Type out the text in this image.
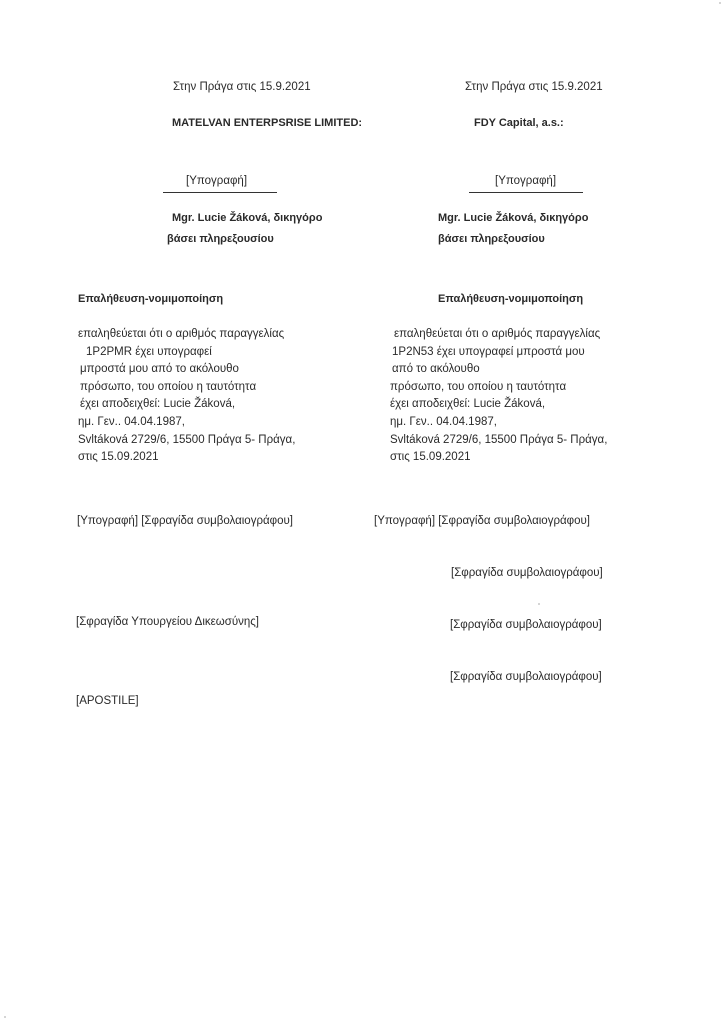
Στην Πράγα στις 15.9.2021
MATELVAN ENTERPSRISE LIMITED:
[Υπογραφή]
Mgr. Lucie Žáková, δικηγόρο
βάσει πληρεξουσίου
Επαλήθευση-νομιμοποίηση
επαληθεύεται ότι ο αριθμός παραγγελίας
1P2PMR έχει υπογραφεί
μπροστά μου από το ακόλουθο
πρόσωπο, του οποίου η ταυτότητα
έχει αποδειχθεί: Lucie Žáková,
ημ. Γεν.. 04.04.1987,
Svltáková 2729/6, 15500 Πράγα 5- Πράγα,
στις 15.09.2021
[Υπογραφή] [Σφραγίδα συμβολαιογράφου]
[Σφραγίδα Υπουργείου Δικεωσύνης]
[APOSTILE]
Στην Πράγα στις 15.9.2021
FDY Capital, a.s.:
[Υπογραφή]
Mgr. Lucie Žáková, δικηγόρο
βάσει πληρεξουσίου
Επαλήθευση-νομιμοποίηση
επαληθεύεται ότι ο αριθμός παραγγελίας
1P2N53 έχει υπογραφεί μπροστά μου
από το ακόλουθο
πρόσωπο, του οποίου η ταυτότητα
έχει αποδειχθεί: Lucie Žáková,
ημ. Γεν.. 04.04.1987,
Svltáková 2729/6, 15500 Πράγα 5- Πράγα,
στις 15.09.2021
[Υπογραφή] [Σφραγίδα συμβολαιογράφου]
[Σφραγίδα συμβολαιογράφου]
[Σφραγίδα συμβολαιογράφου]
[Σφραγίδα συμβολαιογράφου]
